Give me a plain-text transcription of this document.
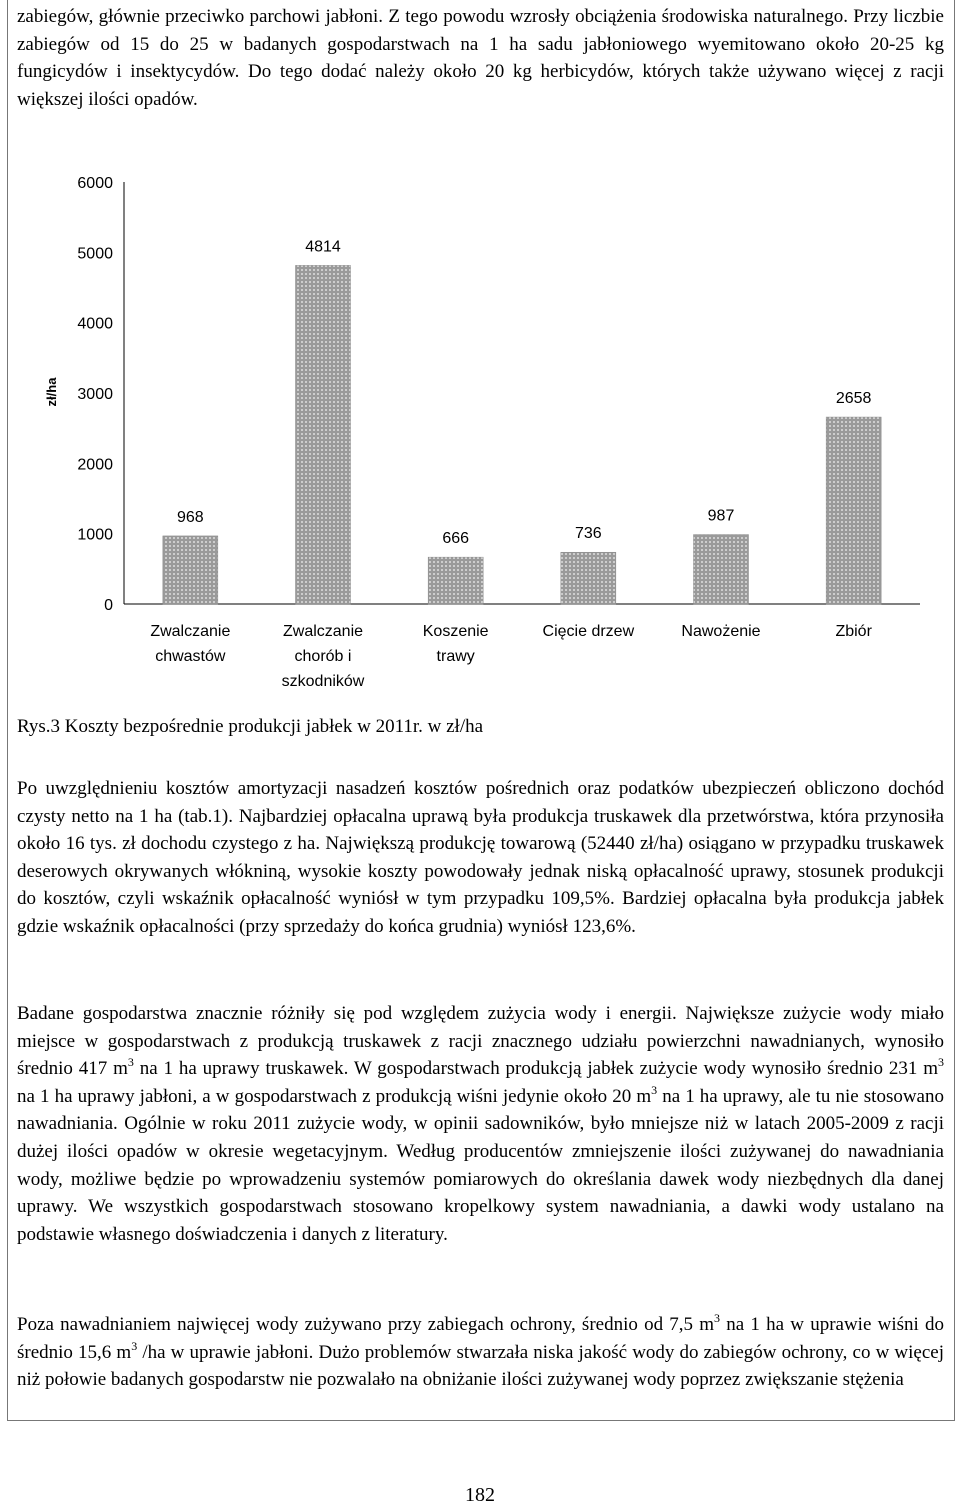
zabiegów, głównie przeciwko parchowi jabłoni. Z tego powodu wzrosły obciążenia środowiska naturalnego. Przy liczbie zabiegów od 15 do 25 w badanych gospodarstwach na 1 ha sadu jabłoniowego wyemitowano około 20-25 kg fungicydów i insektycydów. Do tego dodać należy około 20 kg herbicydów, których także używano więcej z racji większej ilości opadów.

zł/ha
0
1000
2000
3000
4000
5000
6000
968
4814
666	736
987
2658
Zwalczanie
chwastów
Zwalczanie
chorób i
szkodników
Koszenie
trawy
Cięcie drzew	Nawożenie	Zbiór

Rys.3 Koszty bezpośrednie produkcji jabłek w 2011r. w zł/ha

Po uwzględnieniu kosztów amortyzacji nasadzeń kosztów pośrednich oraz podatków ubezpieczeń obliczono dochód czysty netto na 1 ha (tab.1). Najbardziej opłacalna uprawą była produkcja truskawek dla przetwórstwa, która przynosiła około 16 tys. zł dochodu czystego z ha. Największą produkcję towarową (52440 zł/ha) osiągano w przypadku truskawek deserowych okrywanych włókniną, wysokie koszty powodowały jednak niską opłacalność uprawy, stosunek produkcji do kosztów, czyli wskaźnik opłacalność wyniósł w tym przypadku 109,5%. Bardziej opłacalna była produkcja jabłek gdzie wskaźnik opłacalności (przy sprzedaży do końca grudnia) wyniósł 123,6%.

Badane gospodarstwa znacznie różniły się pod względem zużycia wody i energii. Największe zużycie wody miało miejsce w gospodarstwach z produkcją truskawek z racji znacznego udziału powierzchni nawadnianych, wynosiło średnio 417 $m^3$ na 1 ha uprawy truskawek. W gospodarstwach produkcją jabłek zużycie wody wynosiło średnio 231 $m^3$ na 1 ha uprawy jabłoni, a w gospodarstwach z produkcją wiśni jedynie około 20 $m^3$ na 1 ha uprawy, ale tu nie stosowano nawadniania. Ogólnie w roku 2011 zużycie wody, w opinii sadowników, było mniejsze niż w latach 2005-2009 z racji dużej ilości opadów w okresie wegetacyjnym. Według producentów zmniejszenie ilości zużywanej do nawadniania wody, możliwe będzie po wprowadzeniu systemów pomiarowych do określania dawek wody niezbędnych dla danej uprawy. We wszystkich gospodarstwach stosowano kropelkowy system nawadniania, a dawki wody ustalano na podstawie własnego doświadczenia i danych z literatury.

Poza nawadnianiem najwięcej wody zużywano przy zabiegach ochrony, średnio od 7,5 $m^3$ na 1 ha w uprawie wiśni do średnio 15,6 $m^3$ /ha w uprawie jabłoni. Dużo problemów stwarzała niska jakość wody do zabiegów ochrony, co w więcej niż połowie badanych gospodarstw nie pozwalało na obniżanie ilości zużywanej wody poprzez zwiększanie stężenia

182
